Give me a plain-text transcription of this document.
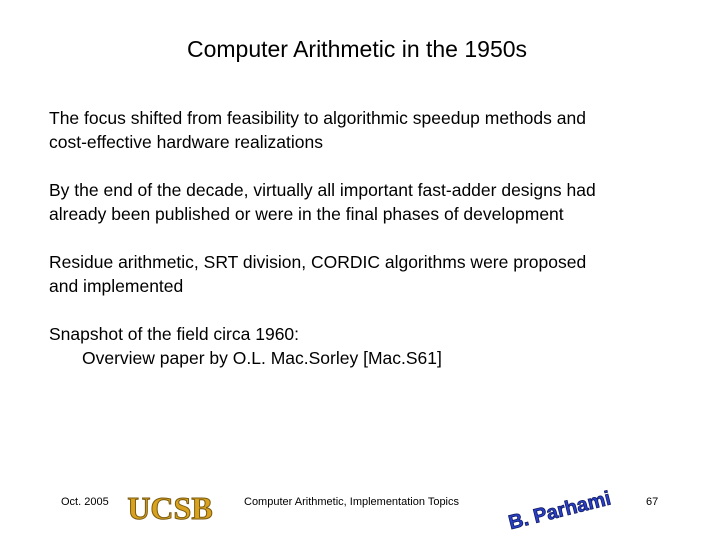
Computer Arithmetic in the 1950s
The focus shifted from feasibility to algorithmic speedup methods and
cost-effective hardware realizations
By the end of the decade, virtually all important fast-adder designs had
already been published or were in the final phases of development
Residue arithmetic, SRT division, CORDIC algorithms were proposed
and implemented
Snapshot of the field circa 1960:
Overview paper by O.L. Mac.Sorley [Mac.S61]
Oct. 2005 UCSB	Computer Arithmetic, Implementation Topics B. Parhami	67
